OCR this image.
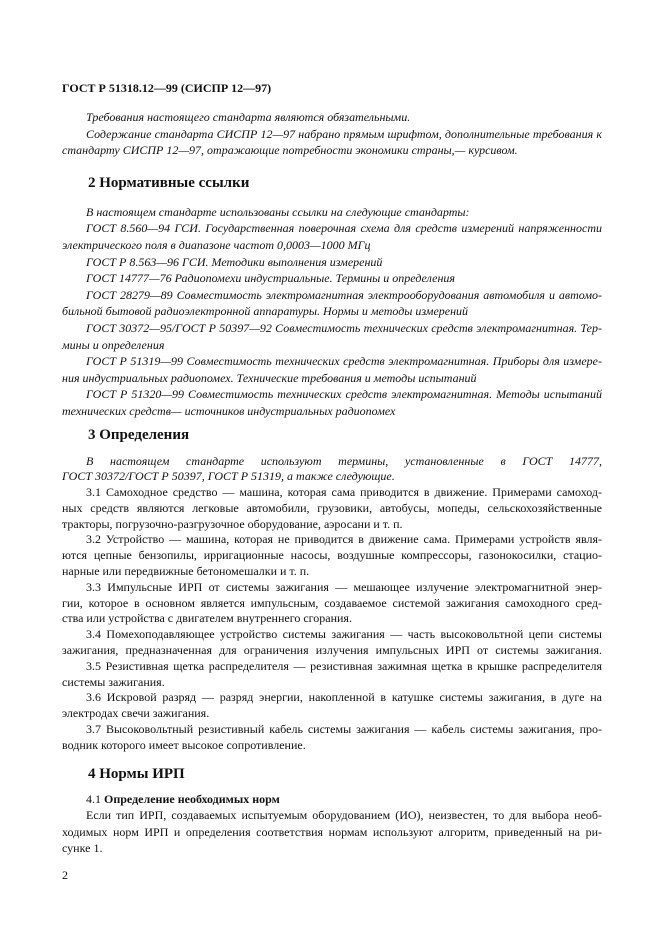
ГОСТ Р 51318.12—99 (СИСПР 12—97)
Требования настоящего стандарта являются обязательными.
Содержание стандарта СИСПР 12—97 набрано прямым шрифтом, дополнительные требования к
стандарту СИСПР 12—97, отражающие потребности экономики страны,— курсивом.
2 Нормативные ссылки
В настоящем стандарте использованы ссылки на следующие стандарты:
ГОСТ 8.560—94 ГСИ. Государственная поверочная схема для средств измерений напряженности
электрического поля в диапазоне частот 0,0003—1000 МГц
ГОСТ Р 8.563—96 ГСИ. Методики выполнения измерений
ГОСТ 14777—76 Радиопомехи индустриальные. Термины и определения
ГОСТ 28279—89 Совместимость электромагнитная электрооборудования автомобиля и автомо-
бильной бытовой радиоэлектронной аппаратуры. Нормы и методы измерений
ГОСТ 30372—95/ГОСТ Р 50397—92 Совместимость технических средств электромагнитная. Тер-
мины и определения
ГОСТ Р 51319—99 Совместимость технических средств электромагнитная. Приборы для измере-
ния индустриальных радиопомех. Технические требования и методы испытаний
ГОСТ Р 51320—99 Совместимость технических средств электромагнитная. Методы испытаний
технических средств— источников индустриальных радиопомех
3 Определения
В настоящем стандарте используют термины, установленные в ГОСТ 14777,
ГОСТ 30372/ГОСТ Р 50397, ГОСТ Р 51319, а также следующие.
3.1 Самоходное средство — машина, которая сама приводится в движение. Примерами самоход-
ных средств являются легковые автомобили, грузовики, автобусы, мопеды, сельскохозяйственные
тракторы, погрузочно-разгрузочное оборудование, аэросани и т. п.
3.2 Устройство — машина, которая не приводится в движение сама. Примерами устройств явля-
ются цепные бензопилы, ирригационные насосы, воздушные компрессоры, газонокосилки, стацио-
нарные или передвижные бетономешалки и т. п.
3.3 Импульсные ИРП от системы зажигания — мешающее излучение электромагнитной энер-
гии, которое в основном является импульсным, создаваемое системой зажигания самоходного сред-
ства или устройства с двигателем внутреннего сгорания.
3.4 Помехоподавляющее устройство системы зажигания — часть высоковольтной цепи системы
зажигания, предназначенная для ограничения излучения импульсных ИРП от системы зажигания.
3.5 Резистивная щетка распределителя — резистивная зажимная щетка в крышке распределителя
системы зажигания.
3.6 Искровой разряд — разряд энергии, накопленной в катушке системы зажигания, в дуге на
электродах свечи зажигания.
3.7 Высоковольтный резистивный кабель системы зажигания — кабель системы зажигания, про-
водник которого имеет высокое сопротивление.
4 Нормы ИРП
4.1 Определение необходимых норм
Если тип ИРП, создаваемых испытуемым оборудованием (ИО), неизвестен, то для выбора необ-
ходимых норм ИРП и определения соответствия нормам используют алгоритм, приведенный на ри-
сунке 1.
2
